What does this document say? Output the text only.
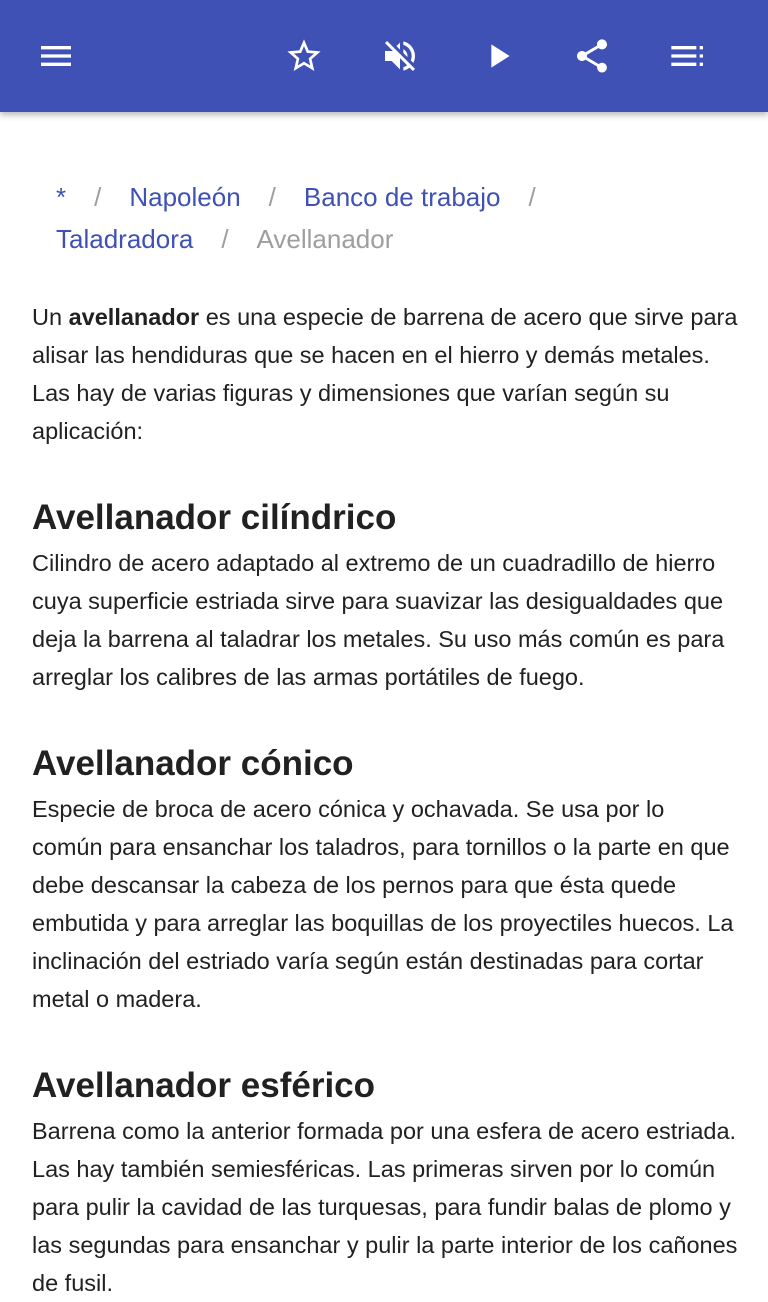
* / Napoleón / Banco de trabajo /
Taladradora / Avellanador

Un avellanador es una especie de barrena de acero que sirve para alisar las hendiduras que se hacen en el hierro y demás metales. Las hay de varias figuras y dimensiones que varían según su aplicación:

Avellanador cilíndrico

Cilindro de acero adaptado al extremo de un cuadradillo de hierro cuya superficie estriada sirve para suavizar las desigualdades que deja la barrena al taladrar los metales. Su uso más común es para arreglar los calibres de las armas portátiles de fuego.

Avellanador cónico

Especie de broca de acero cónica y ochavada. Se usa por lo común para ensanchar los taladros, para tornillos o la parte en que debe descansar la cabeza de los pernos para que ésta quede embutida y para arreglar las boquillas de los proyectiles huecos. La inclinación del estriado varía según están destinadas para cortar metal o madera.

Avellanador esférico

Barrena como la anterior formada por una esfera de acero estriada. Las hay también semiesféricas. Las primeras sirven por lo común para pulir la cavidad de las turquesas, para fundir balas de plomo y las segundas para ensanchar y pulir la parte interior de los cañones de fusil.
